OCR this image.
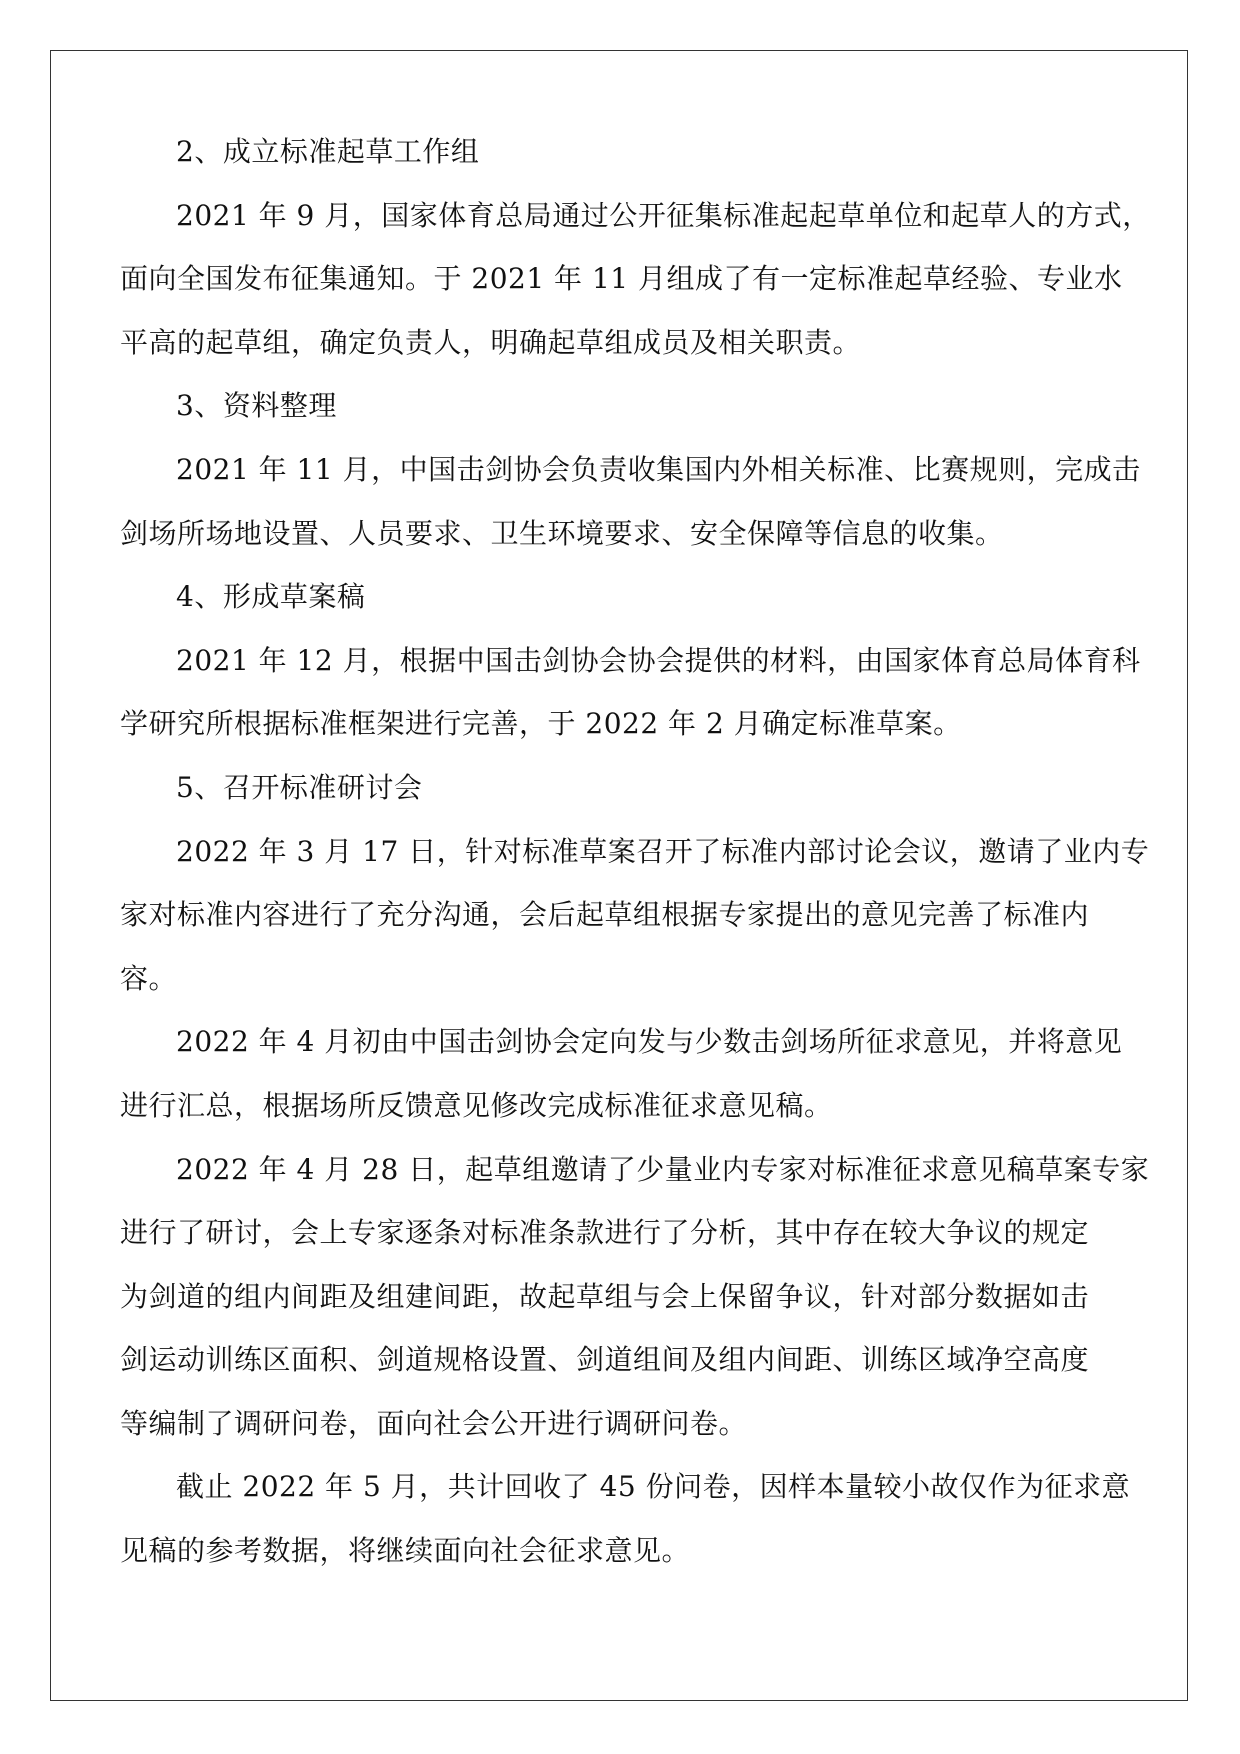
2、成立标准起草工作组

2021 年 9 月，国家体育总局通过公开征集标准起起草单位和起草人的方式，
面向全国发布征集通知。于 2021 年 11 月组成了有一定标准起草经验、专业水
平高的起草组，确定负责人，明确起草组成员及相关职责。

3、资料整理

2021 年 11 月，中国击剑协会负责收集国内外相关标准、比赛规则，完成击
剑场所场地设置、人员要求、卫生环境要求、安全保障等信息的收集。

4、形成草案稿

2021 年 12 月，根据中国击剑协会协会提供的材料，由国家体育总局体育科
学研究所根据标准框架进行完善，于 2022 年 2 月确定标准草案。

5、召开标准研讨会

2022 年 3 月 17 日，针对标准草案召开了标准内部讨论会议，邀请了业内专
家对标准内容进行了充分沟通，会后起草组根据专家提出的意见完善了标准内
容。

2022 年 4 月初由中国击剑协会定向发与少数击剑场所征求意见，并将意见
进行汇总，根据场所反馈意见修改完成标准征求意见稿。

2022 年 4 月 28 日，起草组邀请了少量业内专家对标准征求意见稿草案专家
进行了研讨，会上专家逐条对标准条款进行了分析，其中存在较大争议的规定
为剑道的组内间距及组建间距，故起草组与会上保留争议，针对部分数据如击
剑运动训练区面积、剑道规格设置、剑道组间及组内间距、训练区域净空高度
等编制了调研问卷，面向社会公开进行调研问卷。

截止 2022 年 5 月，共计回收了 45 份问卷，因样本量较小故仅作为征求意
见稿的参考数据，将继续面向社会征求意见。
